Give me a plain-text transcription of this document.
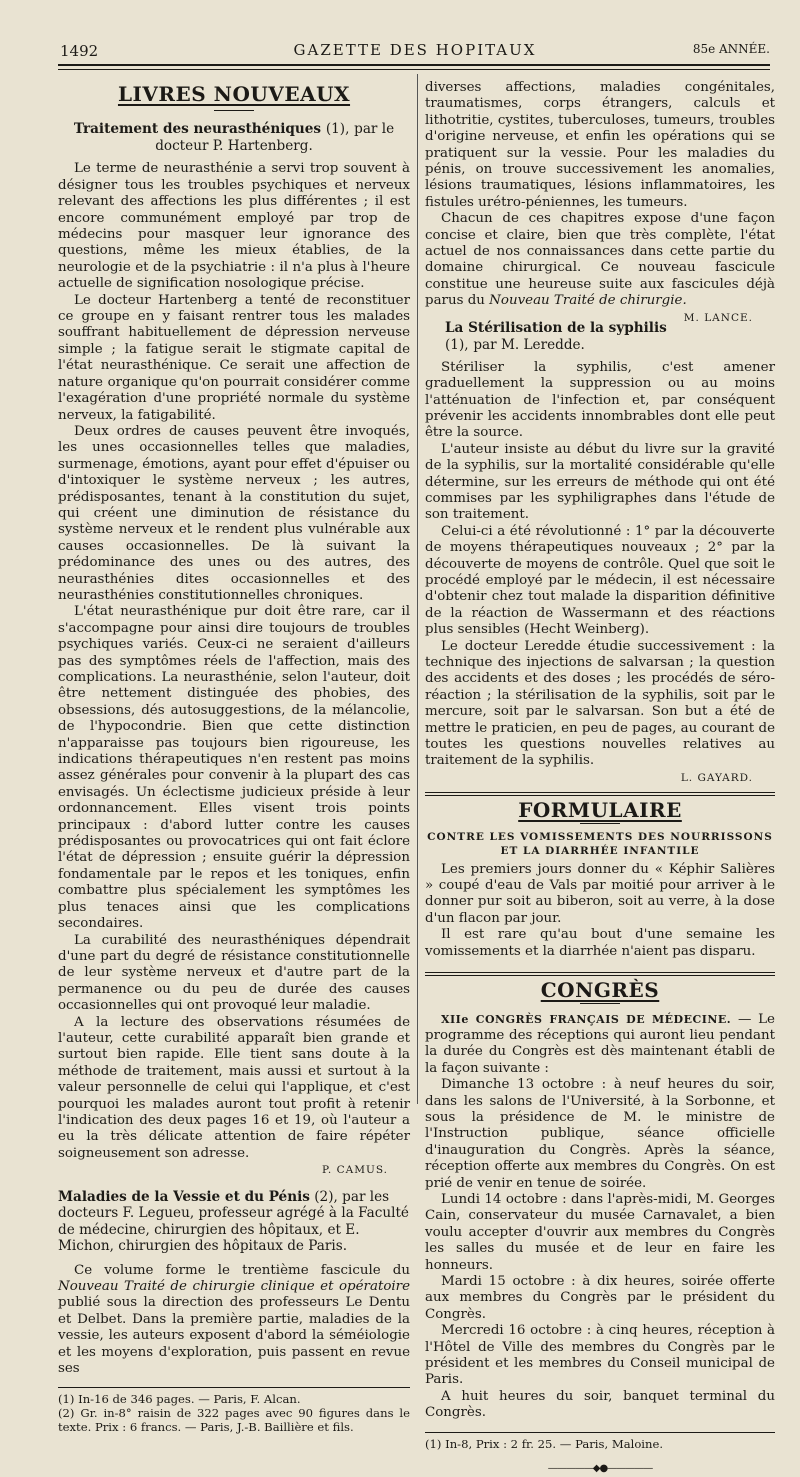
1492	GAZETTE DES HOPITAUX	85e ANNÉE.
LIVRES NOUVEAUX
Traitement des neurasthéniques (1), par le docteur P. Hartenberg.

Le terme de neurasthénie a servi trop souvent à désigner tous les troubles psychiques et nerveux relevant des affections les plus différentes ; il est encore communément employé par trop de médecins pour masquer leur ignorance des questions, même les mieux établies, de la neurologie et de la psychiatrie : il n'a plus à l'heure actuelle de signification nosologique précise.

Le docteur Hartenberg a tenté de reconstituer ce groupe en y faisant rentrer tous les malades souffrant habituellement de dépression nerveuse simple ; la fatigue serait le stigmate capital de l'état neurasthénique. Ce serait une affection de nature organique qu'on pourrait considérer comme l'exagération d'une propriété normale du système nerveux, la fatigabilité.

Deux ordres de causes peuvent être invoqués, les unes occasionnelles telles que maladies, surmenage, émotions, ayant pour effet d'épuiser ou d'intoxiquer le système nerveux ; les autres, prédisposantes, tenant à la constitution du sujet, qui créent une diminution de résistance du système nerveux et le rendent plus vulnérable aux causes occasionnelles. De là suivant la prédominance des unes ou des autres, des neurasthénies dites occasionnelles et des neurasthénies constitutionnelles chroniques.

L'état neurasthénique pur doit être rare, car il s'accompagne pour ainsi dire toujours de troubles psychiques variés. Ceux-ci ne seraient d'ailleurs pas des symptômes réels de l'affection, mais des complications. La neurasthénie, selon l'auteur, doit être nettement distinguée des phobies, des obsessions, dés autosuggestions, de la mélancolie, de l'hypocondrie. Bien que cette distinction n'apparaisse pas toujours bien rigoureuse, les indications thérapeutiques n'en restent pas moins assez générales pour convenir à la plupart des cas envisagés. Un éclectisme judicieux préside à leur ordonnancement. Elles visent trois points principaux : d'abord lutter contre les causes prédisposantes ou provocatrices qui ont fait éclore l'état de dépression ; ensuite guérir la dépression fondamentale par le repos et les toniques, enfin combattre plus spécialement les symptômes les plus tenaces ainsi que les complications secondaires.

La curabilité des neurasthéniques dépendrait d'une part du degré de résistance constitutionnelle de leur système nerveux et d'autre part de la permanence ou du peu de durée des causes occasionnelles qui ont provoqué leur maladie.

A la lecture des observations résumées de l'auteur, cette curabilité apparaît bien grande et surtout bien rapide. Elle tient sans doute à la méthode de traitement, mais aussi et surtout à la valeur personnelle de celui qui l'applique, et c'est pourquoi les malades auront tout profit à retenir l'indication des deux pages 16 et 19, où l'auteur a eu la très délicate attention de faire répéter soigneusement son adresse.

P. CAMUS.
Maladies de la Vessie et du Pénis (2), par les docteurs F. Legueu, professeur agrégé à la Faculté de médecine, chirurgien des hôpitaux, et E. Michon, chirurgien des hôpitaux de Paris.

Ce volume forme le trentième fascicule du Nouveau Traité de chirurgie clinique et opératoire publié sous la direction des professeurs Le Dentu et Delbet. Dans la première partie, maladies de la vessie, les auteurs exposent d'abord la séméiologie et les moyens d'exploration, puis passent en revue ses

(1) In-16 de 346 pages. — Paris, F. Alcan.
(2) Gr. in-8° raisin de 322 pages avec 90 figures dans le texte. Prix : 6 francs. — Paris, J.-B. Baillière et fils.

diverses affections, maladies congénitales, traumatismes, corps étrangers, calculs et lithotritie, cystites, tuberculoses, tumeurs, troubles d'origine nerveuse, et enfin les opérations qui se pratiquent sur la vessie. Pour les maladies du pénis, on trouve successivement les anomalies, lésions traumatiques, lésions inflammatoires, les fistules urétro-péniennes, les tumeurs.

Chacun de ces chapitres expose d'une façon concise et claire, bien que très complète, l'état actuel de nos connaissances dans cette partie du domaine chirurgical. Ce nouveau fascicule constitue une heureuse suite aux fascicules déjà parus du Nouveau Traité de chirurgie.
M. LANCE.

La Stérilisation de la syphilis (1), par M. Leredde.

Stériliser la syphilis, c'est amener graduellement la suppression ou au moins l'atténuation de l'infection et, par conséquent prévenir les accidents innombrables dont elle peut être la source.

L'auteur insiste au début du livre sur la gravité de la syphilis, sur la mortalité considérable qu'elle détermine, sur les erreurs de méthode qui ont été commises par les syphiligraphes dans l'étude de son traitement.

Celui-ci a été révolutionné : 1° par la découverte de moyens thérapeutiques nouveaux ; 2° par la découverte de moyens de contrôle. Quel que soit le procédé employé par le médecin, il est nécessaire d'obtenir chez tout malade la disparition définitive de la réaction de Wassermann et des réactions plus sensibles (Hecht Weinberg).

Le docteur Leredde étudie successivement : la technique des injections de salvarsan ; la question des accidents et des doses ; les procédés de séro-réaction ; la stérilisation de la syphilis, soit par le mercure, soit par le salvarsan. Son but a été de mettre le praticien, en peu de pages, au courant de toutes les questions nouvelles relatives au traitement de la syphilis.

L. GAYARD.
FORMULAIRE
CONTRE LES VOMISSEMENTS DES NOURRISSONS
ET LA DIARRHÉE INFANTILE

Les premiers jours donner du « Képhir Salières » coupé d'eau de Vals par moitié pour arriver à le donner pur soit au biberon, soit au verre, à la dose d'un flacon par jour.

Il est rare qu'au bout d'une semaine les vomissements et la diarrhée n'aient pas disparu.

CONGRÈS

XIIe CONGRÈS FRANÇAIS DE MÉDECINE. — Le programme des réceptions qui auront lieu pendant la durée du Congrès est dès maintenant établi de la façon suivante :

Dimanche 13 octobre : à neuf heures du soir, dans les salons de l'Université, à la Sorbonne, et sous la présidence de M. le ministre de l'Instruction publique, séance officielle d'inauguration du Congrès. Après la séance, réception offerte aux membres du Congrès. On est prié de venir en tenue de soirée.

Lundi 14 octobre : dans l'après-midi, M. Georges Cain, conservateur du musée Carnavalet, a bien voulu accepter d'ouvrir aux membres du Congrès les salles du musée et de leur en faire les honneurs.

Mardi 15 octobre : à dix heures, soirée offerte aux membres du Congrès par le président du Congrès.

Mercredi 16 octobre : à cinq heures, réception à l'Hôtel de Ville des membres du Congrès par le président et les membres du Conseil municipal de Paris.

A huit heures du soir, banquet terminal du Congrès.

(1) In-8, Prix : 2 fr. 25. — Paris, Maloine.
—————◆●—————
